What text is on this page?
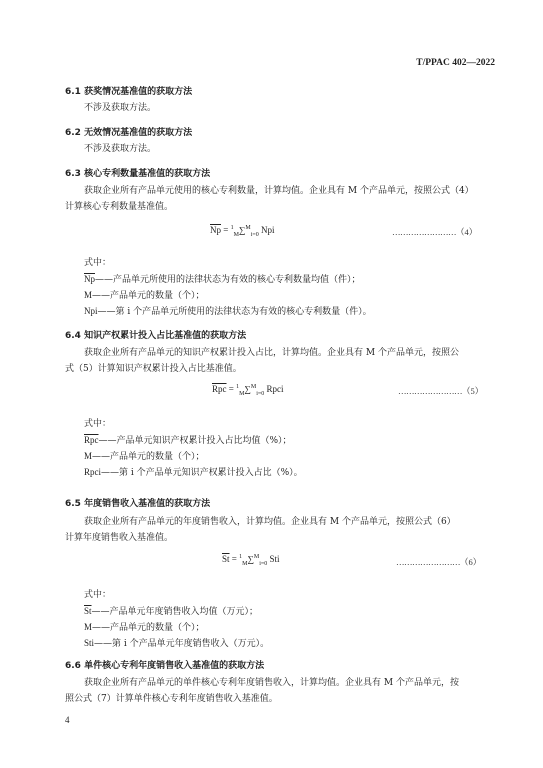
T/PPAC 402—2022
6.1 获奖情况基准值的获取方法
不涉及获取方法。
6.2 无效情况基准值的获取方法
不涉及获取方法。
6.3 核心专利数量基准值的获取方法
获取企业所有产品单元使用的核心专利数量，计算均值。企业具有 M 个产品单元，按照公式（4）
计算核心专利数量基准值。
$\overline{Np} = ^1_M\sum^M_{i=0}$ Npi	……………………（4）
式中：
$\overline{Np}——$产品单元所使用的法律状态为有效的核心专利数量均值（件）；
M——产品单元的数量（个）；
Npi——第 i 个产品单元所使用的法律状态为有效的核心专利数量（件）。
6.4 知识产权累计投入占比基准值的获取方法
获取企业所有产品单元的知识产权累计投入占比，计算均值。企业具有 M 个产品单元，按照公
式（5）计算知识产权累计投入占比基准值。
$\overline{Rpc} = ^1_M\sum^M_{i=0}$ Rpci	……………………（5）
式中：
$\overline{Rpc}——$产品单元知识产权累计投入占比均值（%）；
M——产品单元的数量（个）；
Rpci——第 i 个产品单元知识产权累计投入占比（%）。
6.5 年度销售收入基准值的获取方法
获取企业所有产品单元的年度销售收入，计算均值。企业具有 M 个产品单元，按照公式（6）
计算年度销售收入基准值。
$\overline{St} = ^1_M\sum^M_{i=0}$ Sti	……………………（6）
式中：
$\overline{St}——$产品单元年度销售收入均值（万元）；
M——产品单元的数量（个）；
Sti——第 i 个产品单元年度销售收入（万元）。
6.6 单件核心专利年度销售收入基准值的获取方法
获取企业所有产品单元的单件核心专利年度销售收入，计算均值。企业具有 M 个产品单元，按
照公式（7）计算单件核心专利年度销售收入基准值。
4
